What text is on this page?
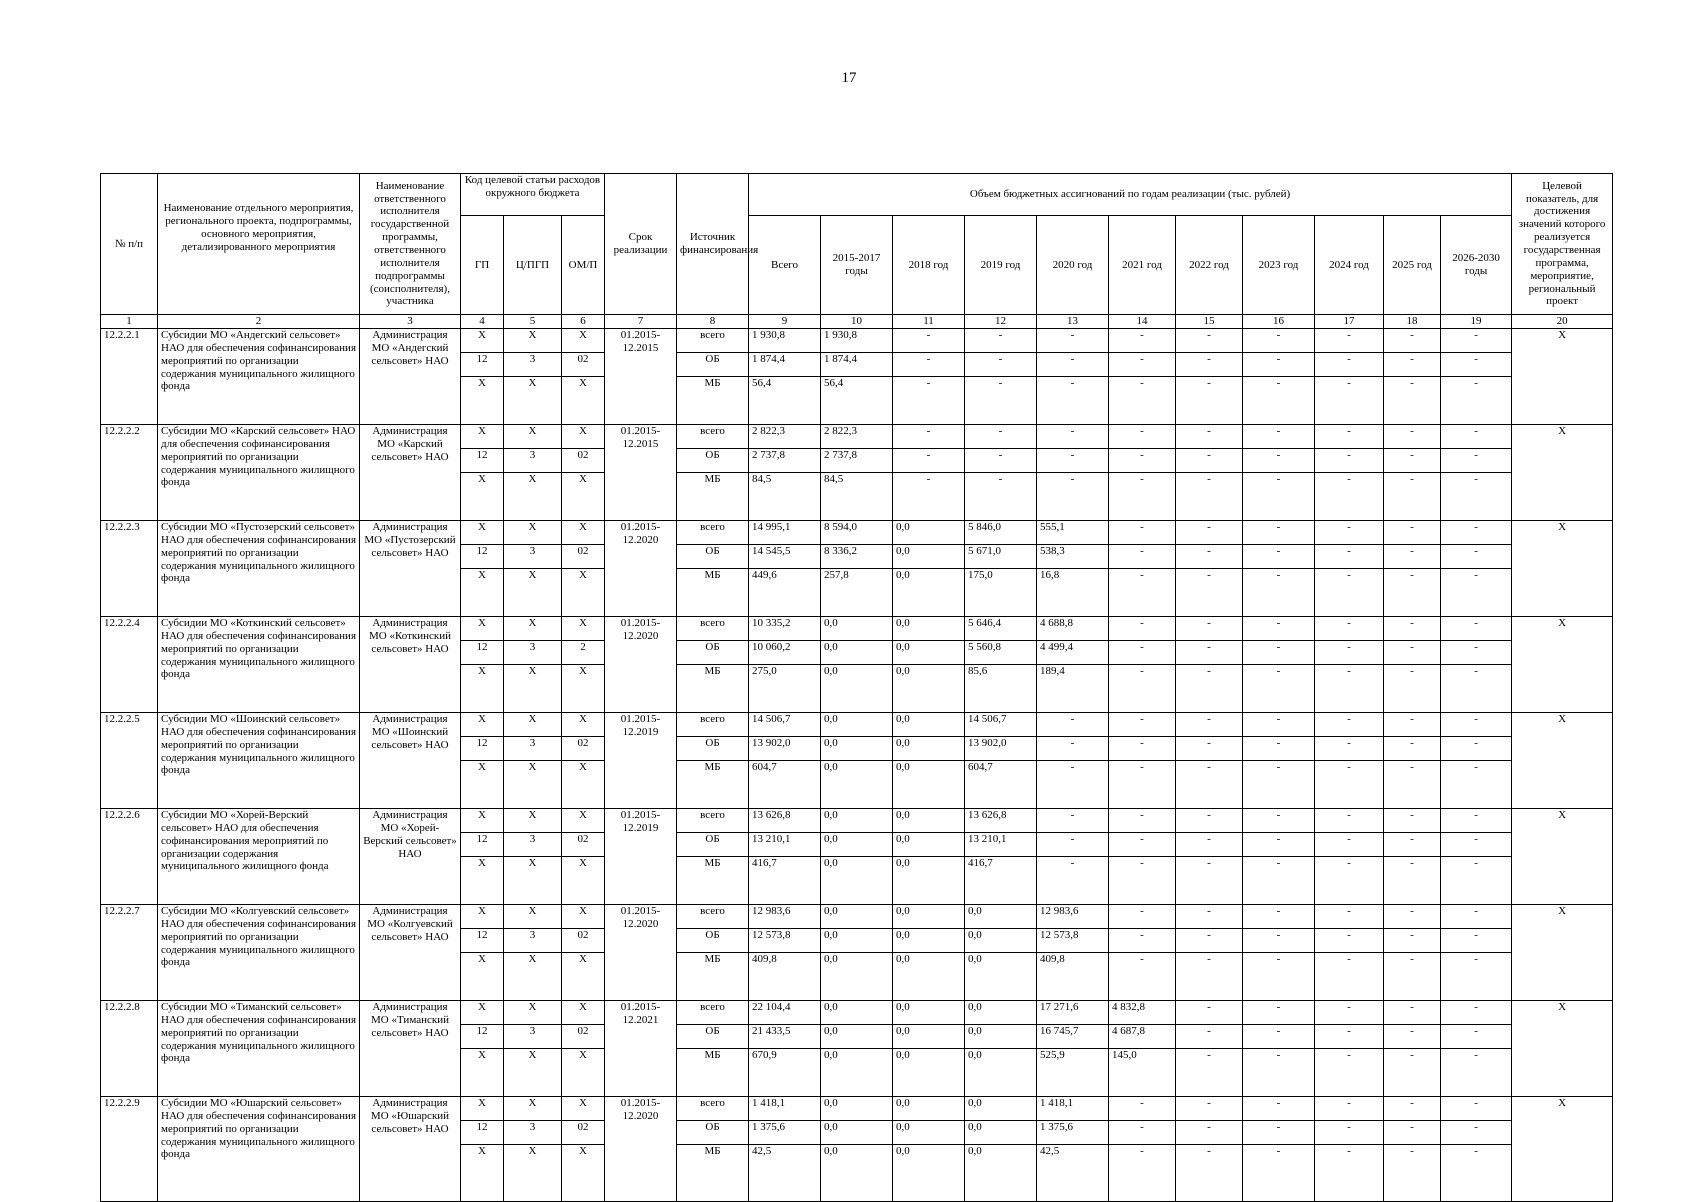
17
№ п/п	Наименование отдельного мероприятия, регионального проекта, подпрограммы, основного мероприятия, детализированного мероприятия	Наименование ответственного исполнителя государственной программы, ответственного исполнителя подпрограммы (соисполнителя), участника	Код целевой статьи расходов окружного бюджета			Срок реализации	Источник финансирования	Объем бюджетных ассигнований по годам реализации (тыс. рублей)											Целевой показатель, для достижения значений которого реализуется государственная программа, мероприятие, региональный проект
			ГП	Ц/ПГП	ОМ/П			Всего	2015-2017 годы	2018 год	2019 год	2020 год	2021 год	2022 год	2023 год	2024 год	2025 год	2026-2030 годы	
1	2	3	4	5	6	7	8	9	10	11	12	13	14	15	16	17	18	19	20
12.2.2.1	Субсидии МО «Андегский сельсовет» НАО для обеспечения софинансирования мероприятий по организации содержания муниципального жилищного фонда	Администрация МО «Андегский сельсовет» НАО	Х	Х	Х	01.2015-12.2015	всего	1 930,8	1 930,8	-	-	-	-	-	-	-	-	-	Х
			12	3	02		ОБ	1 874,4	1 874,4	-	-	-	-	-	-	-	-	-	
			Х	Х	Х		МБ	56,4	56,4	-	-	-	-	-	-	-	-	-	
12.2.2.2	Субсидии МО «Карский сельсовет» НАО для обеспечения софинансирования мероприятий по организации содержания муниципального жилищного фонда	Администрация МО «Карский сельсовет» НАО	Х	Х	Х	01.2015-12.2015	всего	2 822,3	2 822,3	-	-	-	-	-	-	-	-	-	Х
			12	3	02		ОБ	2 737,8	2 737,8	-	-	-	-	-	-	-	-	-	
			Х	Х	Х		МБ	84,5	84,5	-	-	-	-	-	-	-	-	-	
12.2.2.3	Субсидии МО «Пустозерский сельсовет» НАО для обеспечения софинансирования мероприятий по организации содержания муниципального жилищного фонда	Администрация МО «Пустозерский сельсовет» НАО	Х	Х	Х	01.2015-12.2020	всего	14 995,1	8 594,0	0,0	5 846,0	555,1	-	-	-	-	-	-	Х
			12	3	02		ОБ	14 545,5	8 336,2	0,0	5 671,0	538,3	-	-	-	-	-	-	
			Х	Х	Х		МБ	449,6	257,8	0,0	175,0	16,8	-	-	-	-	-	-	
12.2.2.4	Субсидии МО «Коткинский сельсовет» НАО для обеспечения софинансирования мероприятий по организации содержания муниципального жилищного фонда	Администрация МО «Коткинский сельсовет» НАО	Х	Х	Х	01.2015-12.2020	всего	10 335,2	0,0	0,0	5 646,4	4 688,8	-	-	-	-	-	-	Х
			12	3	2		ОБ	10 060,2	0,0	0,0	5 560,8	4 499,4	-	-	-	-	-	-	
			Х	Х	Х		МБ	275,0	0,0	0,0	85,6	189,4	-	-	-	-	-	-	
12.2.2.5	Субсидии МО «Шоинский сельсовет» НАО для обеспечения софинансирования мероприятий по организации содержания муниципального жилищного фонда	Администрация МО «Шоинский сельсовет» НАО	Х	Х	Х	01.2015-12.2019	всего	14 506,7	0,0	0,0	14 506,7	-	-	-	-	-	-	-	Х
			12	3	02		ОБ	13 902,0	0,0	0,0	13 902,0	-	-	-	-	-	-	-	
			Х	Х	Х		МБ	604,7	0,0	0,0	604,7	-	-	-	-	-	-	-	
12.2.2.6	Субсидии МО «Хорей-Верский сельсовет» НАО для обеспечения софинансирования мероприятий по организации содержания муниципального жилищного фонда	Администрация МО «Хорей-Верский сельсовет» НАО	Х	Х	Х	01.2015-12.2019	всего	13 626,8	0,0	0,0	13 626,8	-	-	-	-	-	-	-	Х
			12	3	02		ОБ	13 210,1	0,0	0,0	13 210,1	-	-	-	-	-	-	-	
			Х	Х	Х		МБ	416,7	0,0	0,0	416,7	-	-	-	-	-	-	-	
12.2.2.7	Субсидии МО «Колгуевский сельсовет» НАО для обеспечения софинансирования мероприятий по организации содержания муниципального жилищного фонда	Администрация МО «Колгуевский сельсовет» НАО	Х	Х	Х	01.2015-12.2020	всего	12 983,6	0,0	0,0	0,0	12 983,6	-	-	-	-	-	-	Х
			12	3	02		ОБ	12 573,8	0,0	0,0	0,0	12 573,8	-	-	-	-	-	-	
			Х	Х	Х		МБ	409,8	0,0	0,0	0,0	409,8	-	-	-	-	-	-	
12.2.2.8	Субсидии МО «Тиманский сельсовет» НАО для обеспечения софинансирования мероприятий по организации содержания муниципального жилищного фонда	Администрация МО «Тиманский сельсовет» НАО	Х	Х	Х	01.2015-12.2021	всего	22 104,4	0,0	0,0	0,0	17 271,6	4 832,8	-	-	-	-	-	Х
			12	3	02		ОБ	21 433,5	0,0	0,0	0,0	16 745,7	4 687,8	-	-	-	-	-	
			Х	Х	Х		МБ	670,9	0,0	0,0	0,0	525,9	145,0	-	-	-	-	-	
12.2.2.9	Субсидии МО «Юшарский сельсовет» НАО для обеспечения софинансирования мероприятий по организации содержания муниципального жилищного фонда	Администрация МО «Юшарский сельсовет» НАО	Х	Х	Х	01.2015-12.2020	всего	1 418,1	0,0	0,0	0,0	1 418,1	-	-	-	-	-	-	Х
			12	3	02		ОБ	1 375,6	0,0	0,0	0,0	1 375,6	-	-	-	-	-	-	
			Х	Х	Х		МБ	42,5	0,0	0,0	0,0	42,5	-	-	-	-	-	-	
